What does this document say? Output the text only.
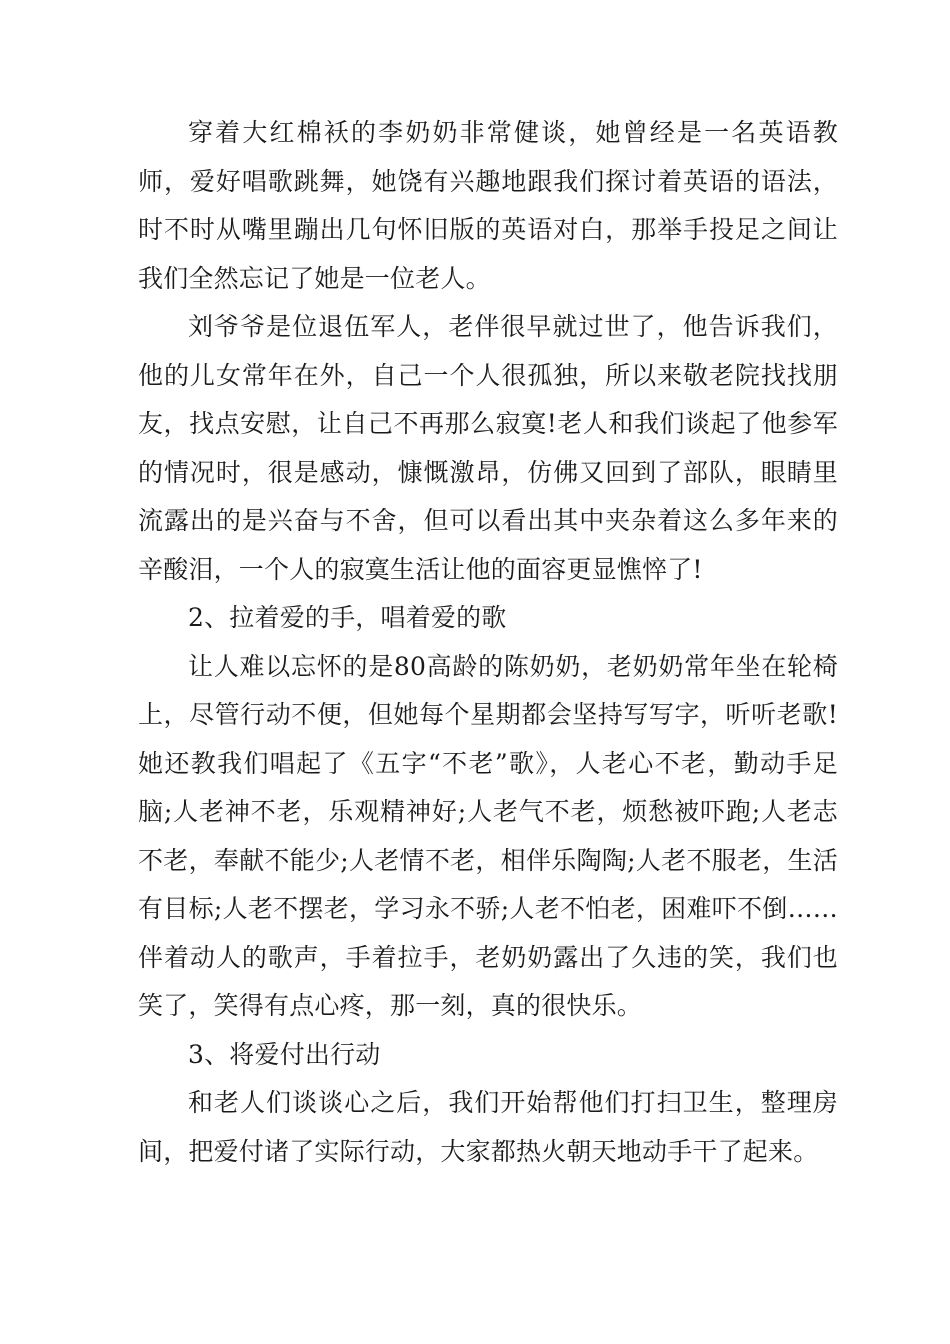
穿着大红棉袄的李奶奶非常健谈，她曾经是一名英语教师，爱好唱歌跳舞，她饶有兴趣地跟我们探讨着英语的语法，时不时从嘴里蹦出几句怀旧版的英语对白，那举手投足之间让我们全然忘记了她是一位老人。

刘爷爷是位退伍军人，老伴很早就过世了，他告诉我们，他的儿女常年在外，自己一个人很孤独，所以来敬老院找找朋友，找点安慰，让自己不再那么寂寞!老人和我们谈起了他参军的情况时，很是感动，慷慨激昂，仿佛又回到了部队，眼睛里流露出的是兴奋与不舍，但可以看出其中夹杂着这么多年来的辛酸泪，一个人的寂寞生活让他的面容更显憔悴了!

2、拉着爱的手，唱着爱的歌

让人难以忘怀的是80高龄的陈奶奶，老奶奶常年坐在轮椅上，尽管行动不便，但她每个星期都会坚持写写字，听听老歌!她还教我们唱起了《五字“不老”歌》，人老心不老，勤动手足脑;人老神不老，乐观精神好;人老气不老，烦愁被吓跑;人老志不老，奉献不能少;人老情不老，相伴乐陶陶;人老不服老，生活有目标;人老不摆老，学习永不骄;人老不怕老，困难吓不倒……伴着动人的歌声，手着拉手，老奶奶露出了久违的笑，我们也笑了，笑得有点心疼，那一刻，真的很快乐。

3、将爱付出行动

和老人们谈谈心之后，我们开始帮他们打扫卫生，整理房间，把爱付诸了实际行动，大家都热火朝天地动手干了起来。
